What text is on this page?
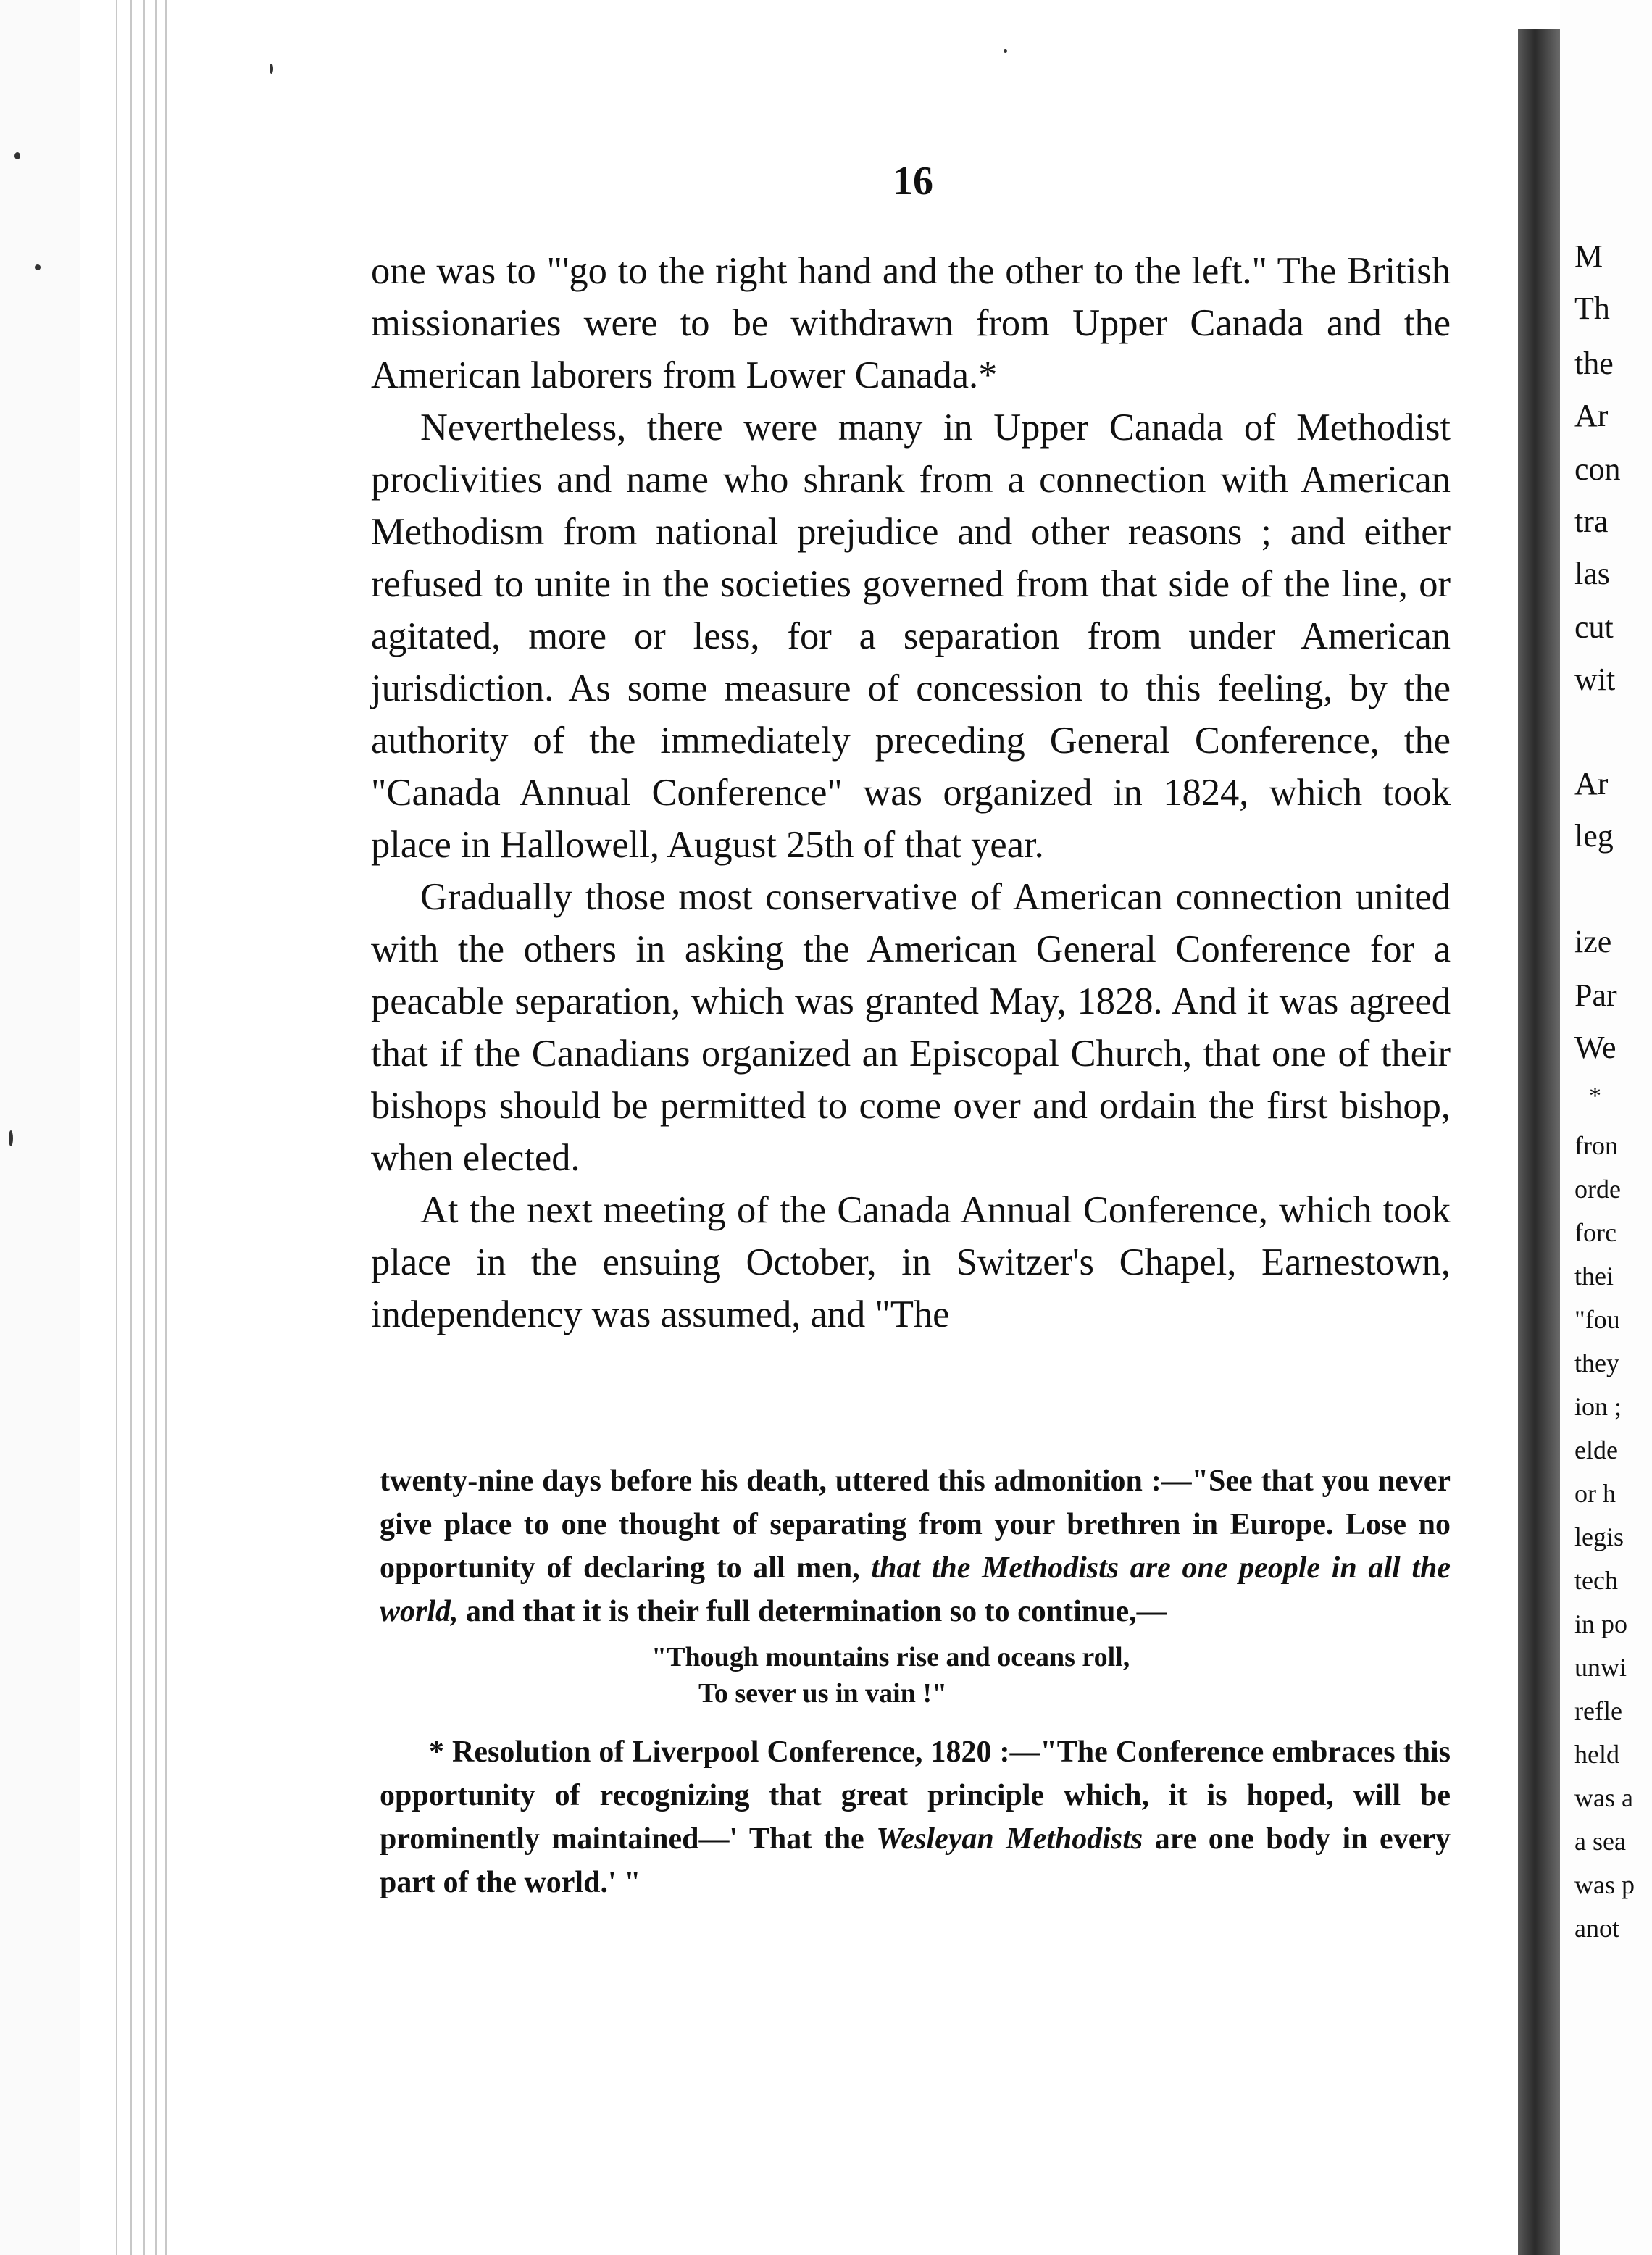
16

one was to "'go to the right hand and the other to the left." The British missionaries were to be withdrawn from Upper Canada and the American laborers from Lower Canada.*

Nevertheless, there were many in Upper Canada of Methodist proclivities and name who shrank from a connection with American Methodism from national prejudice and other reasons ; and either refused to unite in the societies governed from that side of the line, or agitated, more or less, for a separation from under American jurisdiction. As some measure of concession to this feeling, by the authority of the immediately preceding General Conference, the "Canada Annual Conference" was organized in 1824, which took place in Hallowell, August 25th of that year.

Gradually those most conservative of American connection united with the others in asking the American General Conference for a peacable separation, which was granted May, 1828. And it was agreed that if the Canadians organized an Episcopal Church, that one of their bishops should be permitted to come over and ordain the first bishop, when elected.

At the next meeting of the Canada Annual Conference, which took place in the ensuing October, in Switzer's Chapel, Earnestown, independency was assumed, and "The

twenty-nine days before his death, uttered this admonition :—"See that you never give place to one thought of separating from your brethren in Europe. Lose no opportunity of declaring to all men, that the Methodists are one people in all the world, and that it is their full determination so to continue,—

"Though mountains rise and oceans roll,

To sever us in vain !"

* Resolution of Liverpool Conference, 1820 :—"The Conference embraces this opportunity of recognizing that great principle which, it is hoped, will be prominently maintained—' That the Wesleyan Methodists are one body in every part of the world.' "

M
Th
the
Ar
con
tra
las
cut
wit
Ar
leg
ize
Par
We
*
fron
orde
forc
thei
"fou
they
ion ;
elde
or h
legis
tech
in po
unwi
refle
held
was a
a sea
was p
anot
